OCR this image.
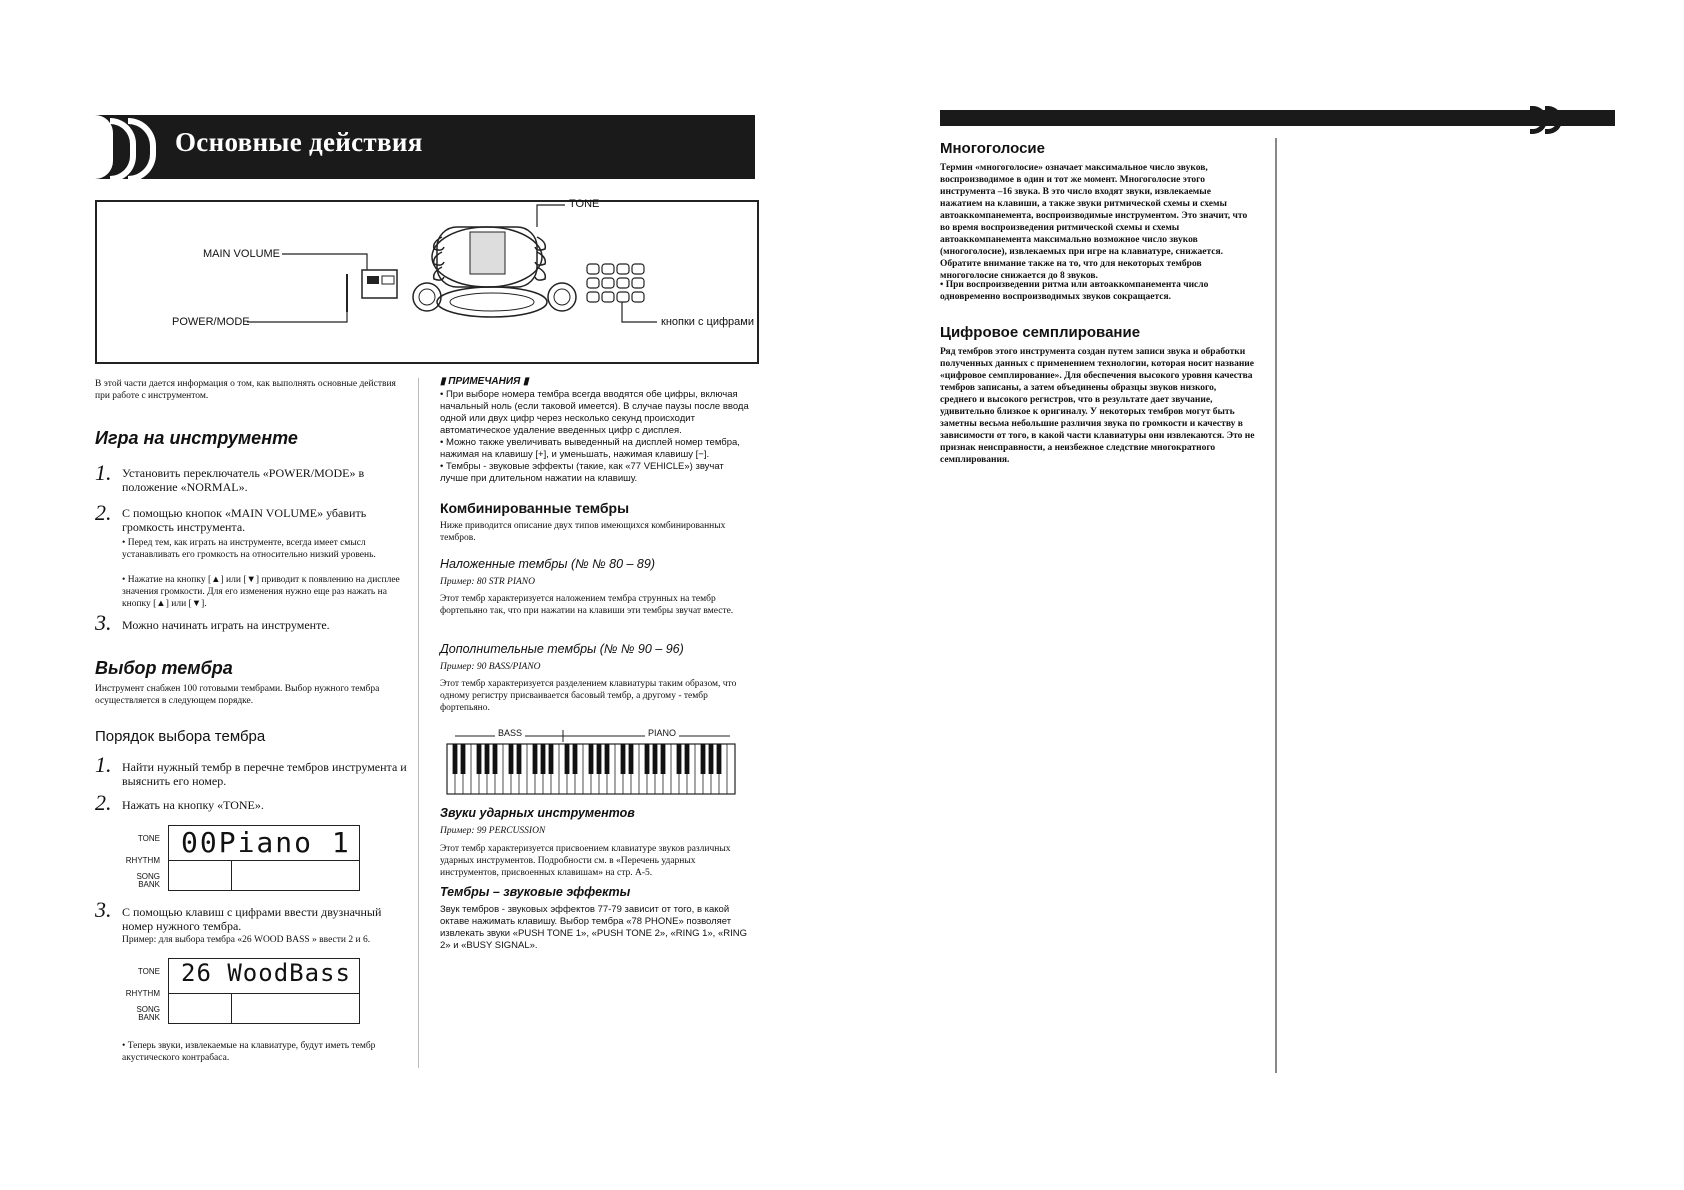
Основные действия
TONE
MAIN VOLUME
POWER/MODE	кнопки с цифрами
В этой части дается информация о том, как выполнять основные действия при работе с инструментом.
Игра на инструменте
1. Установить переключатель «POWER/MODE» в положение «NORMAL».
2. С помощью кнопок «MAIN VOLUME» убавить громкость инструмента.
• Перед тем, как играть на инструменте, всегда имеет смысл устанавливать его громкость на относительно низкий уровень.
• Нажатие на кнопку [▲] или [▼] приводит к появлению на дисплее значения громкости. Для его изменения нужно еще раз нажать на кнопку [▲] или [▼].
3. Можно начинать играть на инструменте.
Выбор тембра
Инструмент снабжен 100 готовыми тембрами. Выбор нужного тембра осуществляется в следующем порядке.
Порядок выбора тембра
1. Найти нужный тембр в перечне тембров инструмента и выяснить его номер.
2. Нажать на кнопку «TONE».
TONE
RHYTHM
SONG
BANK
00Piano 1
3. С помощью клавиш с цифрами ввести двузначный номер нужного тембра.
Пример: для выбора тембра «26 WOOD BASS » ввести 2 и 6.
TONE
RHYTHM
SONG
BANK
26 WoodBass
• Теперь звуки, извлекаемые на клавиатуре, будут иметь тембр акустического контрабаса.
▮ ПРИМЕЧАНИЯ ▮
• При выборе номера тембра всегда вводятся обе цифры, включая начальный ноль (если таковой имеется). В случае паузы после ввода одной или двух цифр через несколько секунд происходит автоматическое удаление введенных цифр с дисплея.
• Можно также увеличивать выведенный на дисплей номер тембра, нажимая на клавишу [+], и уменьшать, нажимая клавишу [−].
• Тембры - звуковые эффекты (такие, как «77 VEHICLE») звучат лучше при длительном нажатии на клавишу.
Комбинированные тембры
Ниже приводится описание двух типов имеющихся комбинированных тембров.
Наложенные тембры (№ № 80 – 89)
Пример: 80 STR PIANO
Этот тембр характеризуется наложением тембра струнных на тембр фортепьяно так, что при нажатии на клавиши эти тембры звучат вместе.
Дополнительные тембры (№ № 90 – 96)
Пример: 90 BASS/PIANO
Этот тембр характеризуется разделением клавиатуры таким образом, что одному регистру присваивается басовый тембр, а другому - тембр фортепьяно.
BASS	PIANO
Звуки ударных инструментов
Пример: 99 PERCUSSION
Этот тембр характеризуется присвоением клавиатуре звуков различных ударных инструментов. Подробности см. в «Перечень ударных инструментов, присвоенных клавишам» на стр. А-5.
Тембры – звуковые эффекты
Звук тембров - звуковых эффектов 77-79 зависит от того, в какой октаве нажимать клавишу. Выбор тембра «78 PHONE» позволяет извлекать звуки «PUSH TONE 1», «PUSH TONE 2», «RING 1», «RING 2» и «BUSY SIGNAL».
Многоголосие
Термин «многоголосие» означает максимальное число звуков, воспроизводимое в один и тот же момент. Многоголосие этого инструмента –16 звука. В это число входят звуки, извлекаемые нажатием на клавиши, а также звуки ритмической схемы и схемы автоаккомпанемента, воспроизводимые инструментом. Это значит, что во время воспроизведения ритмической схемы и схемы автоаккомпанемента максимально возможное число звуков (многоголосие), извлекаемых при игре на клавиатуре, снижается. Обратите внимание также на то, что для некоторых тембров многоголосие снижается до 8 звуков.
• При воспроизведении ритма или автоаккомпанемента число одновременно воспроизводимых звуков сокращается.
Цифровое семплирование
Ряд тембров этого инструмента создан путем записи звука и обработки полученных данных с применением технологии, которая носит название «цифровое семплирование». Для обеспечения высокого уровня качества тембров записаны, а затем объединены образцы звуков низкого, среднего и высокого регистров, что в результате дает звучание, удивительно близкое к оригиналу. У некоторых тембров могут быть заметны весьма небольшие различия звука по громкости и качеству в зависимости от того, в какой части клавиатуры они извлекаются. Это не признак неисправности, а неизбежное следствие многократного семплирования.
